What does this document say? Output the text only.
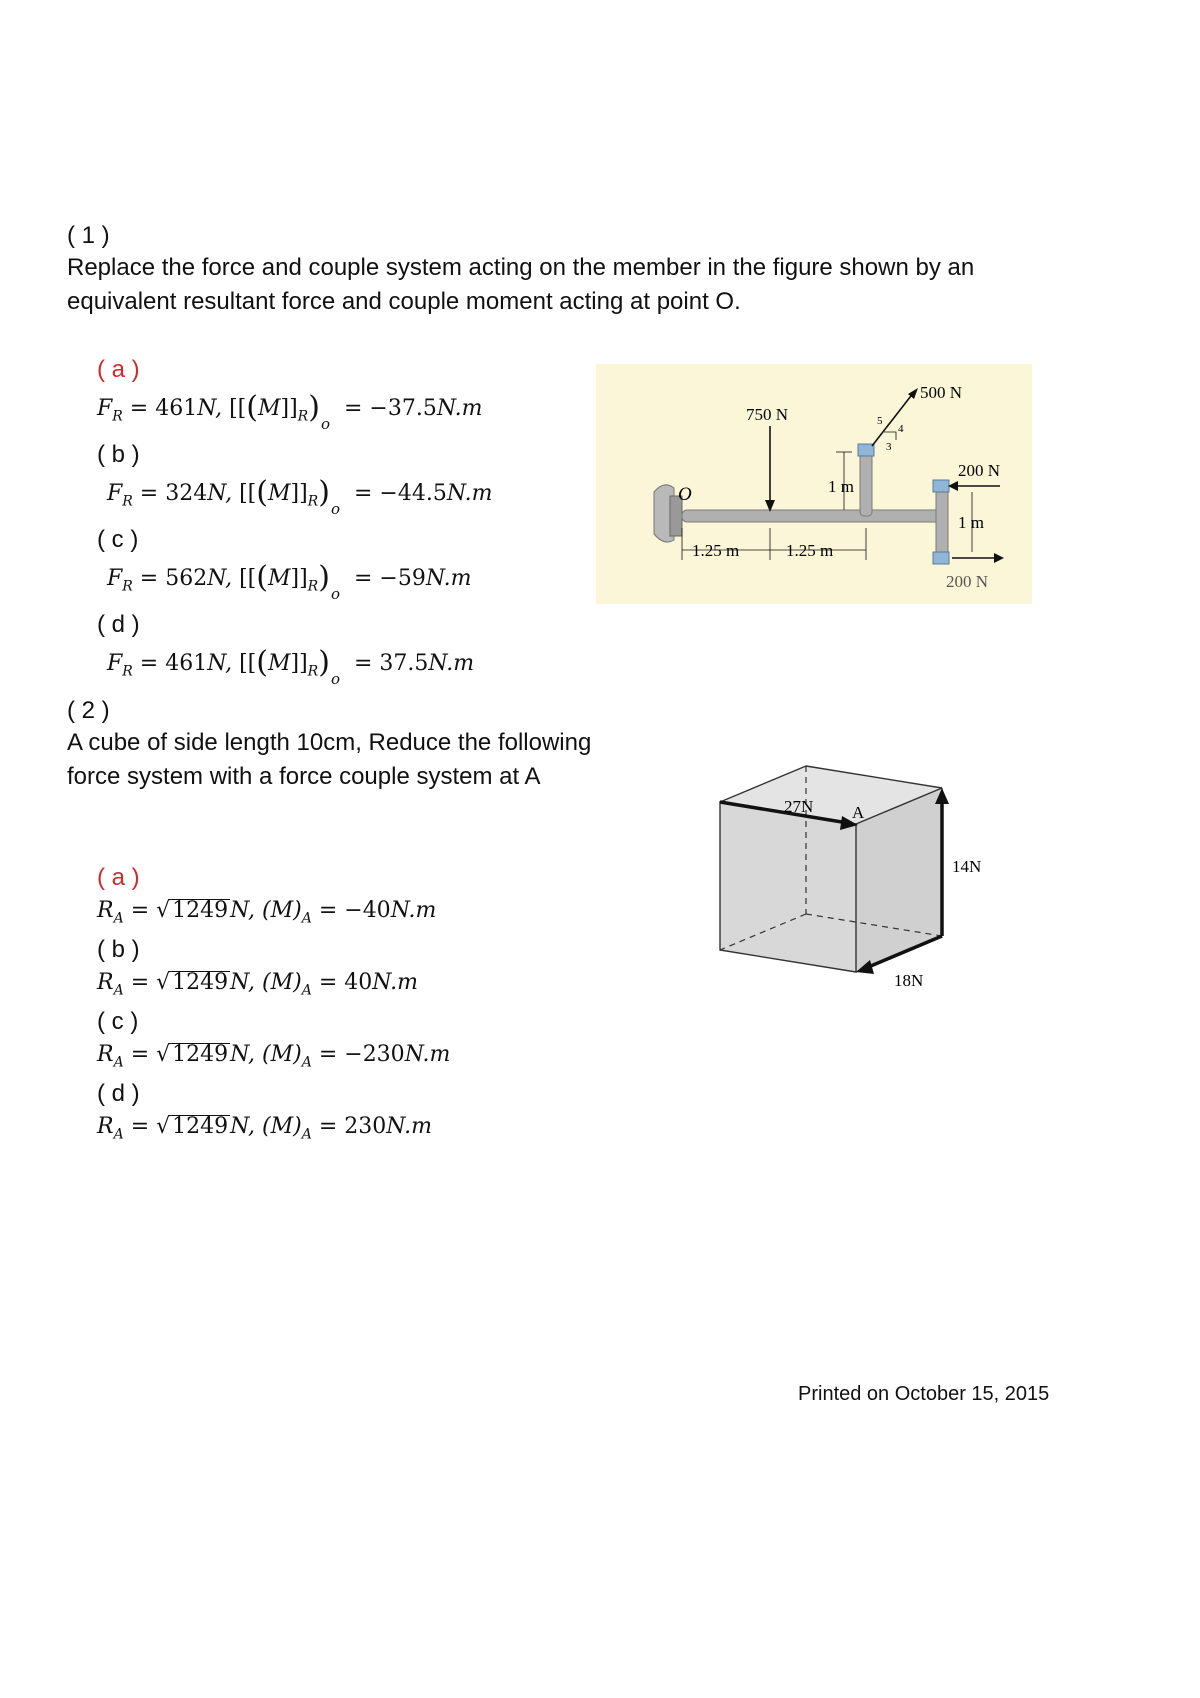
( 1 )
Replace the force and couple system acting on the member in the figure shown by an
equivalent resultant force and couple moment acting at point O.
( a )
$F_R = 461N$, $[[(M]]_R)_o = -37.5N.m$
( b )
$F_R = 324N$, $[[(M]]_R)_o = -44.5N.m$
( c )
$F_R = 562N$, $[[(M]]_R)_o = -59N.m$
( d )
$F_R = 461N$, $[[(M]]_R)_o = 37.5N.m$
750 N
500 N
5
4
3
200 N
200 N
1 m
1 m
1.25 m	1.25 m
O
( 2 )
A cube of side length 10cm, Reduce the following
force system with a force couple system at A
( a )
$R_A = √1249N$, $(M)_A = -40N.m$
( b )
$R_A = √1249N$, $(M)_A = 40N.m$
( c )
$R_A = √1249N$, $(M)_A = -230N.m$
( d )
$R_A = √1249N$, $(M)_A = 230N.m$
27N A
14N
18N
Printed on October 15, 2015
